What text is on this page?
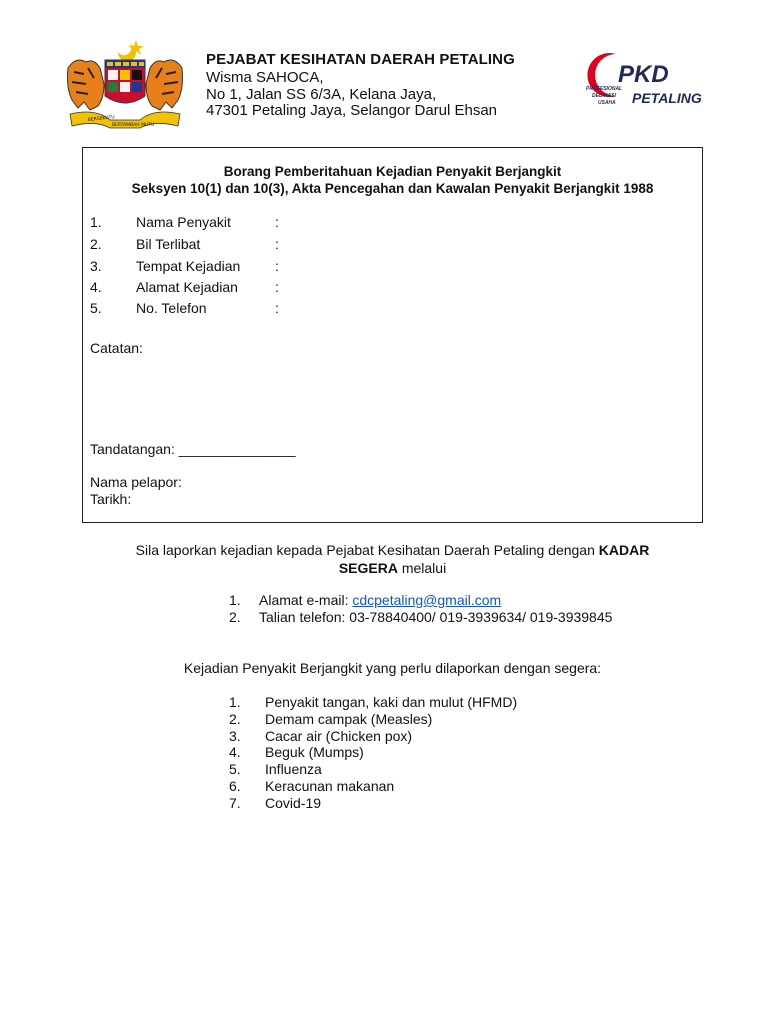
BERSEKUTU
BERTAMBAH MUTU
PEJABAT KESIHATAN DAERAH PETALING
Wisma SAHOCA,
No 1, Jalan SS 6/3A, Kelana Jaya,
47301 Petaling Jaya, Selangor Darul Ehsan
PKD
PROFESIONAL
DEDIKASI
USAHA PETALING
Borang Pemberitahuan Kejadian Penyakit Berjangkit
Seksyen 10(1) dan 10(3), Akta Pencegahan dan Kawalan Penyakit Berjangkit 1988
1. Nama Penyakit	:
2. Bil Terlibat	:
3. Tempat Kejadian :
4. Alamat Kejadian	:
5. No. Telefon	:
Catatan:
Tandatangan: _______________
Nama pelapor:
Tarikh:
Sila laporkan kejadian kepada Pejabat Kesihatan Daerah Petaling dengan KADAR
SEGERA melalui
1. Alamat e-mail: cdcpetaling@gmail.com
2. Talian telefon: 03-78840400/ 019-3939634/ 019-3939845
Kejadian Penyakit Berjangkit yang perlu dilaporkan dengan segera:
1. Penyakit tangan, kaki dan mulut (HFMD)
2. Demam campak (Measles)
3. Cacar air (Chicken pox)
4. Beguk (Mumps)
5. Influenza
6. Keracunan makanan
7. Covid-19
